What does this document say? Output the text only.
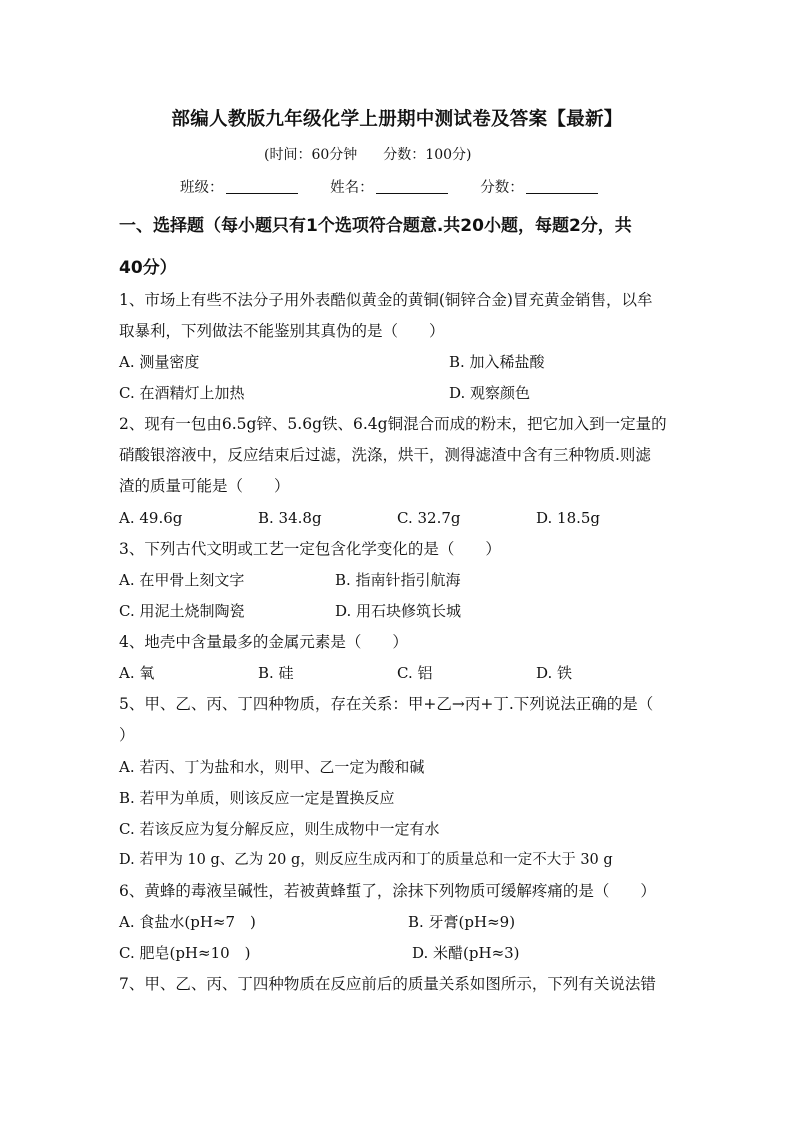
部编人教版九年级化学上册期中测试卷及答案【最新】
(时间：60分钟 分数：100分)
班级：	姓名：	分数：
一、选择题（每小题只有1个选项符合题意.共20小题，每题2分，共
40分）
1、市场上有些不法分子用外表酷似黄金的黄铜(铜锌合金)冒充黄金销售，以牟
取暴利，下列做法不能鉴别其真伪的是（　　）
A. 测量密度	B. 加入稀盐酸
C. 在酒精灯上加热	D. 观察颜色
2、现有一包由6.5g锌、5.6g铁、6.4g铜混合而成的粉末，把它加入到一定量的
硝酸银溶液中，反应结束后过滤，洗涤，烘干，测得滤渣中含有三种物质.则滤
渣的质量可能是（　　）
A. 49.6g	B. 34.8g	C. 32.7g	D. 18.5g
3、下列古代文明或工艺一定包含化学变化的是（　　）
A. 在甲骨上刻文字	B. 指南针指引航海
C. 用泥土烧制陶瓷	D. 用石块修筑长城
4、地壳中含量最多的金属元素是（　　）
A. 氧	B. 硅	C. 铝	D. 铁
5、甲、乙、丙、丁四种物质，存在关系：甲+乙→丙+丁.下列说法正确的是（
）
A. 若丙、丁为盐和水，则甲、乙一定为酸和碱
B. 若甲为单质，则该反应一定是置换反应
C. 若该反应为复分解反应，则生成物中一定有水
D. 若甲为 10 g、乙为 20 g，则反应生成丙和丁的质量总和一定不大于 30 g
6、黄蜂的毒液呈碱性，若被黄蜂蜇了，涂抹下列物质可缓解疼痛的是（　　）
A. 食盐水(pH≈7　)	B. 牙膏(pH≈9)
C. 肥皂(pH≈10　)	D. 米醋(pH≈3)
7、甲、乙、丙、丁四种物质在反应前后的质量关系如图所示，下列有关说法错
